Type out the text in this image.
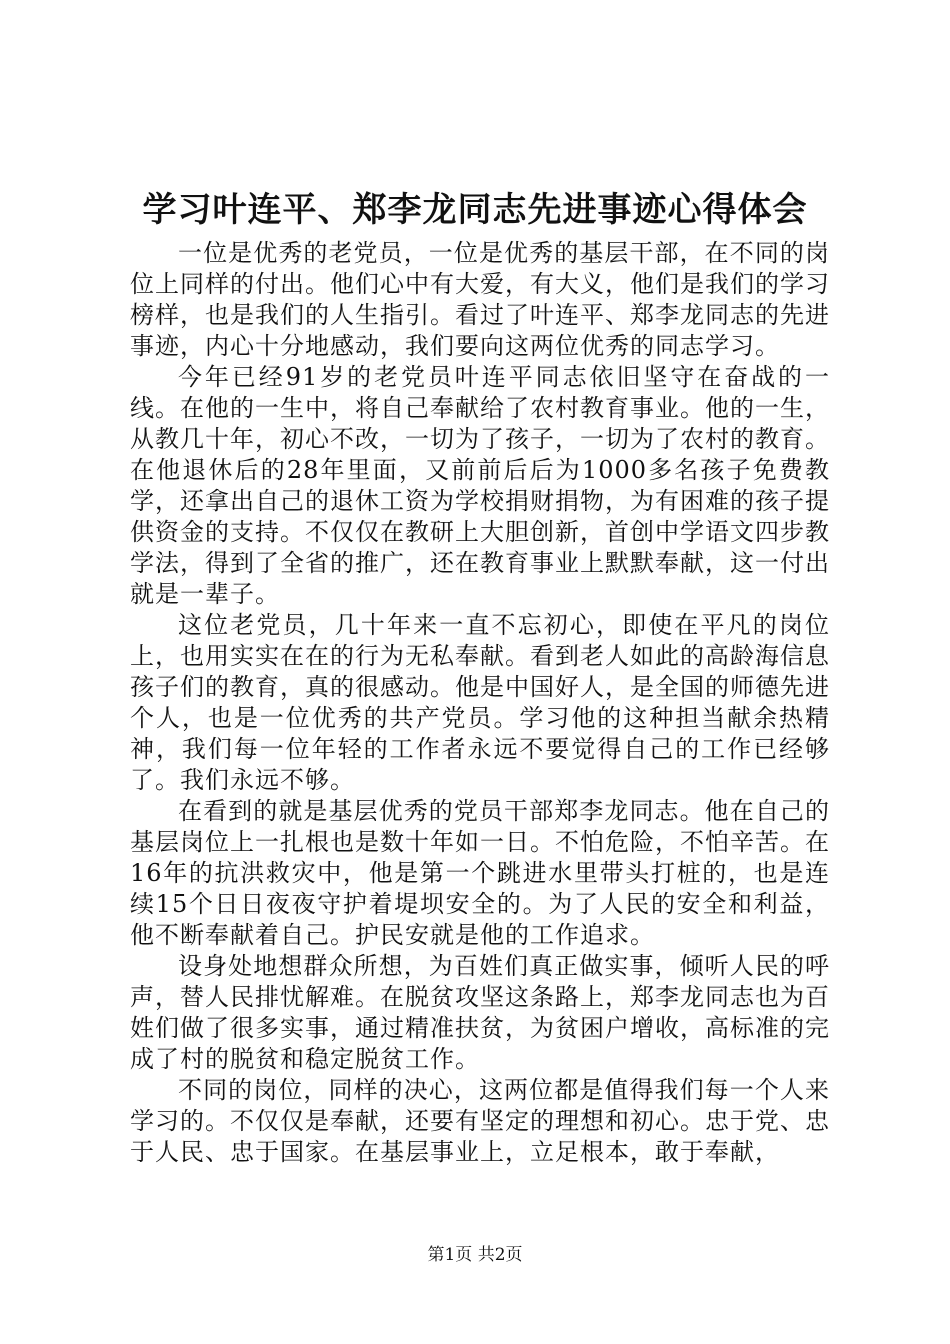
学习叶连平、郑李龙同志先进事迹心得体会

一位是优秀的老党员，一位是优秀的基层干部，在不同的岗位上同样的付出。他们心中有大爱，有大义，他们是我们的学习榜样，也是我们的人生指引。看过了叶连平、郑李龙同志的先进事迹，内心十分地感动，我们要向这两位优秀的同志学习。

今年已经91岁的老党员叶连平同志依旧坚守在奋战的一线。在他的一生中，将自己奉献给了农村教育事业。他的一生，从教几十年，初心不改，一切为了孩子，一切为了农村的教育。在他退休后的28年里面，又前前后后为1000多名孩子免费教学，还拿出自己的退休工资为学校捐财捐物，为有困难的孩子提供资金的支持。不仅仅在教研上大胆创新，首创中学语文四步教学法，得到了全省的推广，还在教育事业上默默奉献，这一付出就是一辈子。

这位老党员，几十年来一直不忘初心，即使在平凡的岗位上，也用实实在在的行为无私奉献。看到老人如此的高龄海信息孩子们的教育，真的很感动。他是中国好人，是全国的师德先进个人，也是一位优秀的共产党员。学习他的这种担当献余热精神，我们每一位年轻的工作者永远不要觉得自己的工作已经够了。我们永远不够。

在看到的就是基层优秀的党员干部郑李龙同志。他在自己的基层岗位上一扎根也是数十年如一日。不怕危险，不怕辛苦。在16年的抗洪救灾中，他是第一个跳进水里带头打桩的，也是连续15个日日夜夜守护着堤坝安全的。为了人民的安全和利益，他不断奉献着自己。护民安就是他的工作追求。

设身处地想群众所想，为百姓们真正做实事，倾听人民的呼声，替人民排忧解难。在脱贫攻坚这条路上，郑李龙同志也为百姓们做了很多实事，通过精准扶贫，为贫困户增收，高标准的完成了村的脱贫和稳定脱贫工作。

不同的岗位，同样的决心，这两位都是值得我们每一个人来学习的。不仅仅是奉献，还要有坚定的理想和初心。忠于党、忠于人民、忠于国家。在基层事业上，立足根本，敢于奉献，

第1页 共2页
